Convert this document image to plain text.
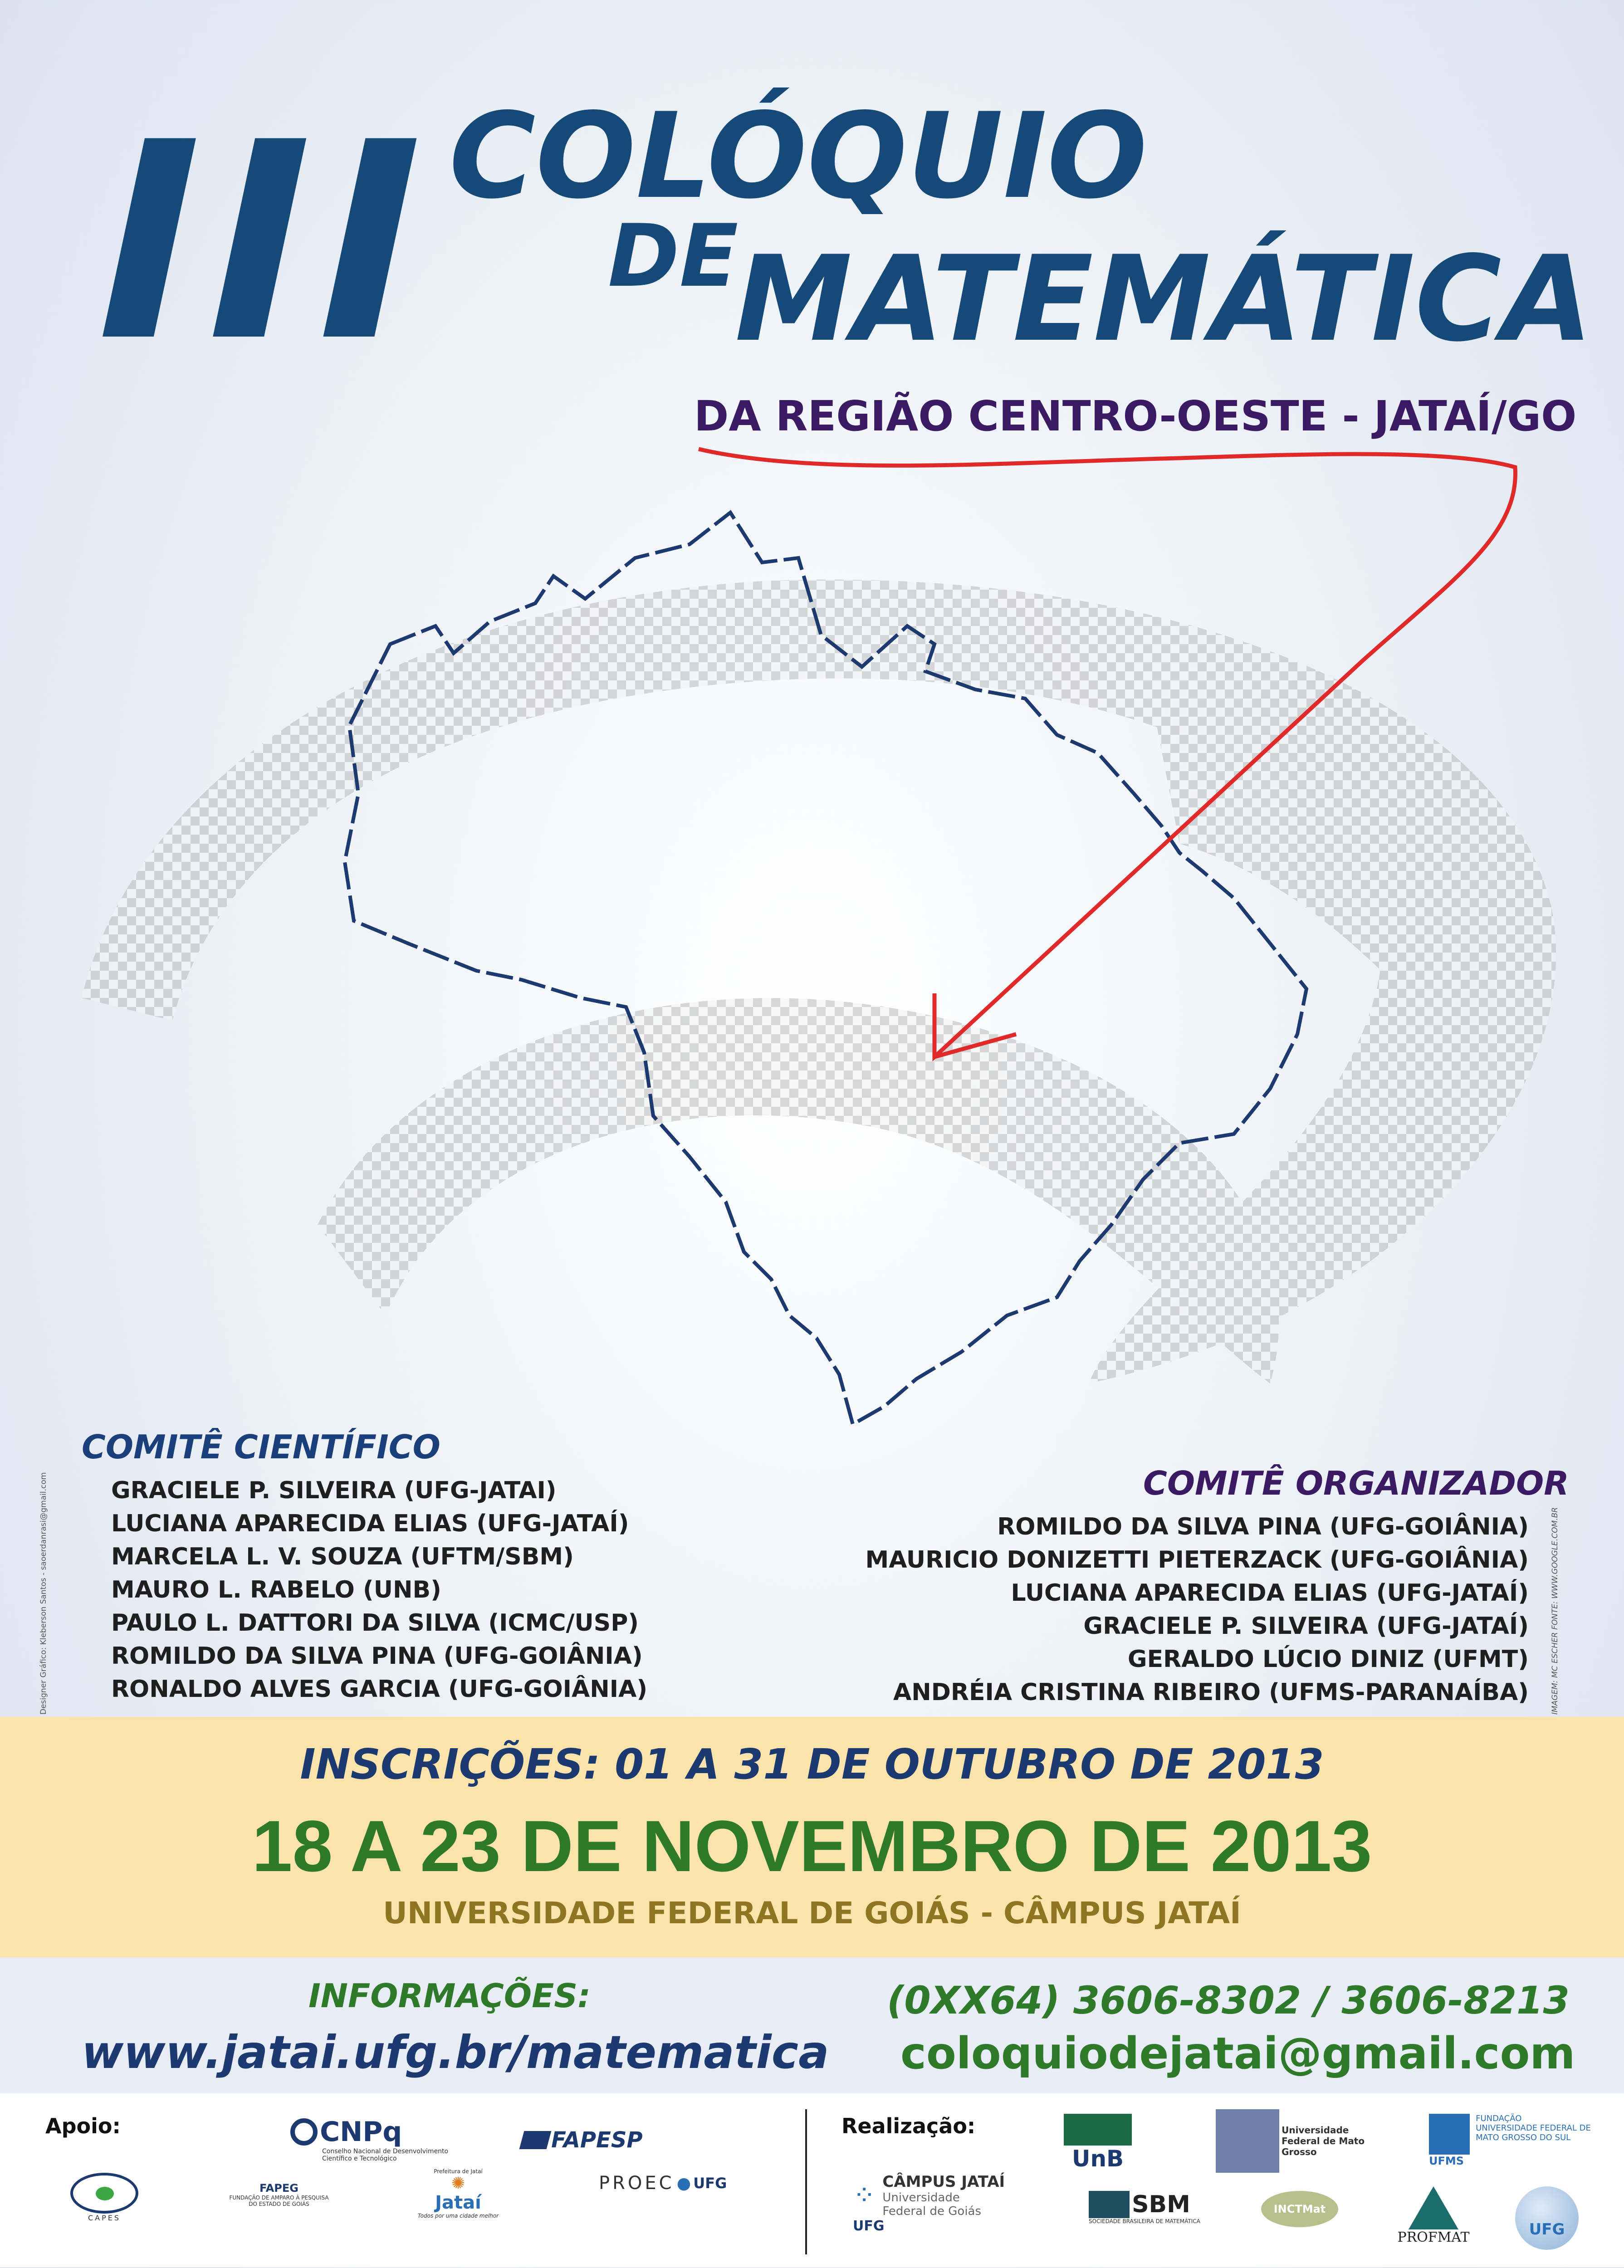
III
COLÓQUIO
DE
MATEMÁTICA
DA REGIÃO CENTRO-OESTE - JATAÍ/GO
COMITÊ CIENTÍFICO
GRACIELE P. SILVEIRA (UFG-JATAI)
LUCIANA APARECIDA ELIAS (UFG-JATAÍ)
MARCELA L. V. SOUZA (UFTM/SBM)
MAURO L. RABELO (UNB)
PAULO L. DATTORI DA SILVA (ICMC/USP)
ROMILDO DA SILVA PINA (UFG-GOIÂNIA)
RONALDO ALVES GARCIA (UFG-GOIÂNIA)
COMITÊ ORGANIZADOR
ROMILDO DA SILVA PINA (UFG-GOIÂNIA)
MAURICIO DONIZETTI PIETERZACK (UFG-GOIÂNIA)
LUCIANA APARECIDA ELIAS (UFG-JATAÍ)
GRACIELE P. SILVEIRA (UFG-JATAÍ)
GERALDO LÚCIO DINIZ (UFMT)
ANDRÉIA CRISTINA RIBEIRO (UFMS-PARANAÍBA)
Designer Gráfico: Kleberson Santos - saoerdanrasi@gmail.com	IMAGEM: MC ESCHER FONTE: WWW.GOOGLE.COM.BR
INSCRIÇÕES: 01 A 31 DE OUTUBRO DE 2013
18 A 23 DE NOVEMBRO DE 2013
UNIVERSIDADE FEDERAL DE GOIÁS - CÂMPUS JATAÍ
INFORMAÇÕES:
www.jatai.ufg.br/matematica
(0XX64) 3606-8302 / 3606-8213
coloquiodejatai@gmail.com
Apoio:	Realização:
CNPq
Conselho Nacional de Desenvolvimento Científico e Tecnológico
FAPESP
CAPES
FAPEG
FUNDAÇÃO DE AMPARO À PESQUISA DO ESTADO DE GOIÁS
Prefeitura de Jataí
✺
Jataí
Todos por uma cidade melhor
PROEC ● UFG	⁘ CÂMPUS JATAÍ
Universidade
Federal de Goiás
UFG
UnB
SBM
SOCIEDADE BRASILEIRA DE MATEMÁTICA
Universidade Federal de Mato Grosso
INCTMat
PROFMAT

FUNDAÇÃO
UNIVERSIDADE FEDERAL DE MATO GROSSO DO SUL
UFMS
UFG
